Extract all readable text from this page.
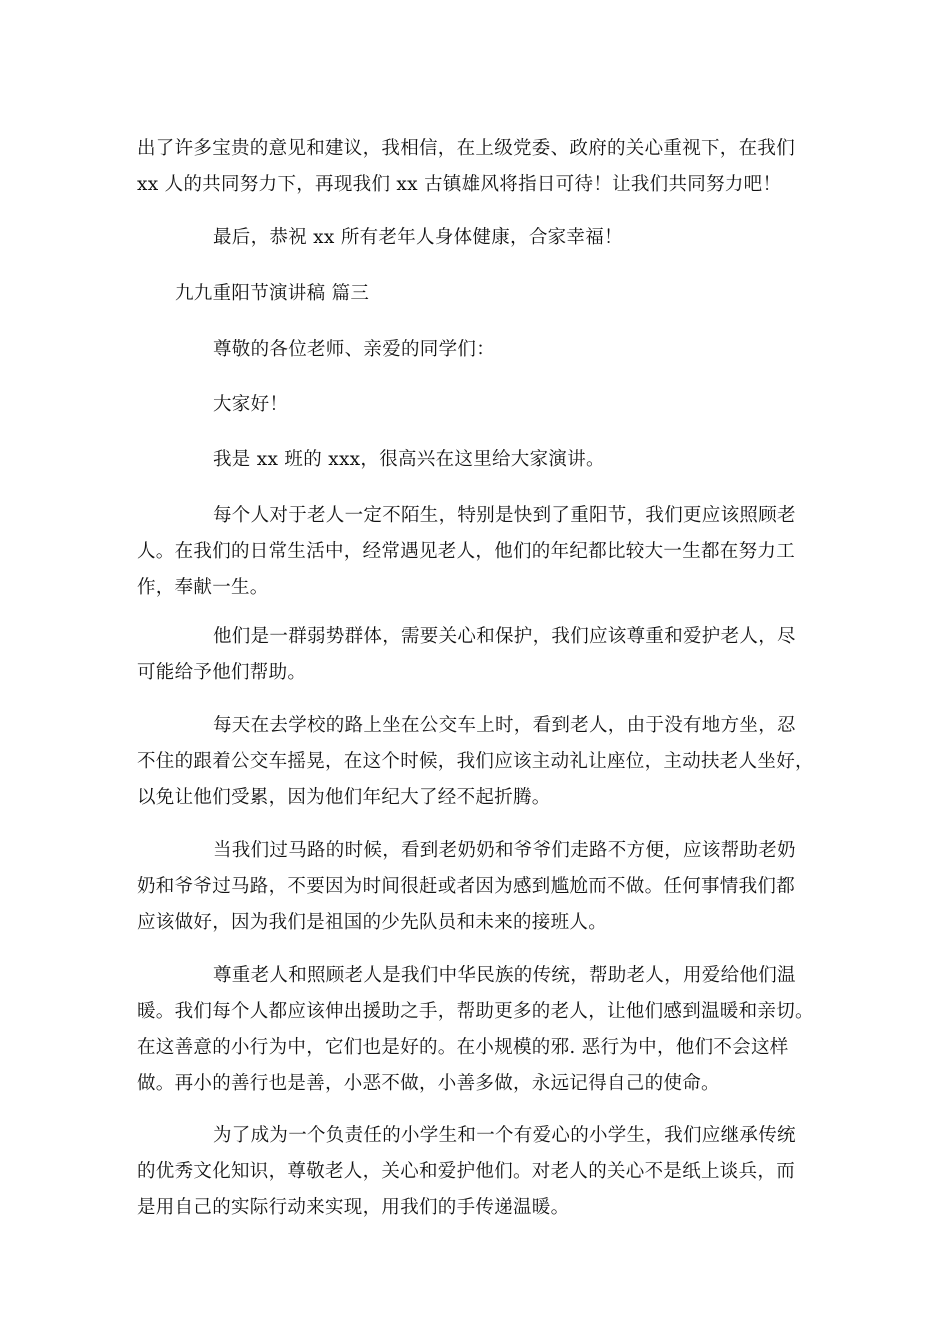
出了许多宝贵的意见和建议，我相信，在上级党委、政府的关心重视下，在我们
xx 人的共同努力下，再现我们 xx 古镇雄风将指日可待！让我们共同努力吧！
最后，恭祝 xx 所有老年人身体健康，合家幸福！
九九重阳节演讲稿 篇三
尊敬的各位老师、亲爱的同学们：
大家好！
我是 xx 班的 xxx，很高兴在这里给大家演讲。
每个人对于老人一定不陌生，特别是快到了重阳节，我们更应该照顾老
人。在我们的日常生活中，经常遇见老人，他们的年纪都比较大一生都在努力工
作，奉献一生。
他们是一群弱势群体，需要关心和保护，我们应该尊重和爱护老人，尽
可能给予他们帮助。
每天在去学校的路上坐在公交车上时，看到老人，由于没有地方坐，忍
不住的跟着公交车摇晃，在这个时候，我们应该主动礼让座位，主动扶老人坐好，
以免让他们受累，因为他们年纪大了经不起折腾。
当我们过马路的时候，看到老奶奶和爷爷们走路不方便，应该帮助老奶
奶和爷爷过马路，不要因为时间很赶或者因为感到尴尬而不做。任何事情我们都
应该做好，因为我们是祖国的少先队员和未来的接班人。
尊重老人和照顾老人是我们中华民族的传统，帮助老人，用爱给他们温
暖。我们每个人都应该伸出援助之手，帮助更多的老人，让他们感到温暖和亲切。
在这善意的小行为中，它们也是好的。在小规模的邪. 恶行为中，他们不会这样
做。再小的善行也是善，小恶不做，小善多做，永远记得自己的使命。
为了成为一个负责任的小学生和一个有爱心的小学生，我们应继承传统
的优秀文化知识，尊敬老人，关心和爱护他们。对老人的关心不是纸上谈兵，而
是用自己的实际行动来实现，用我们的手传递温暖。
